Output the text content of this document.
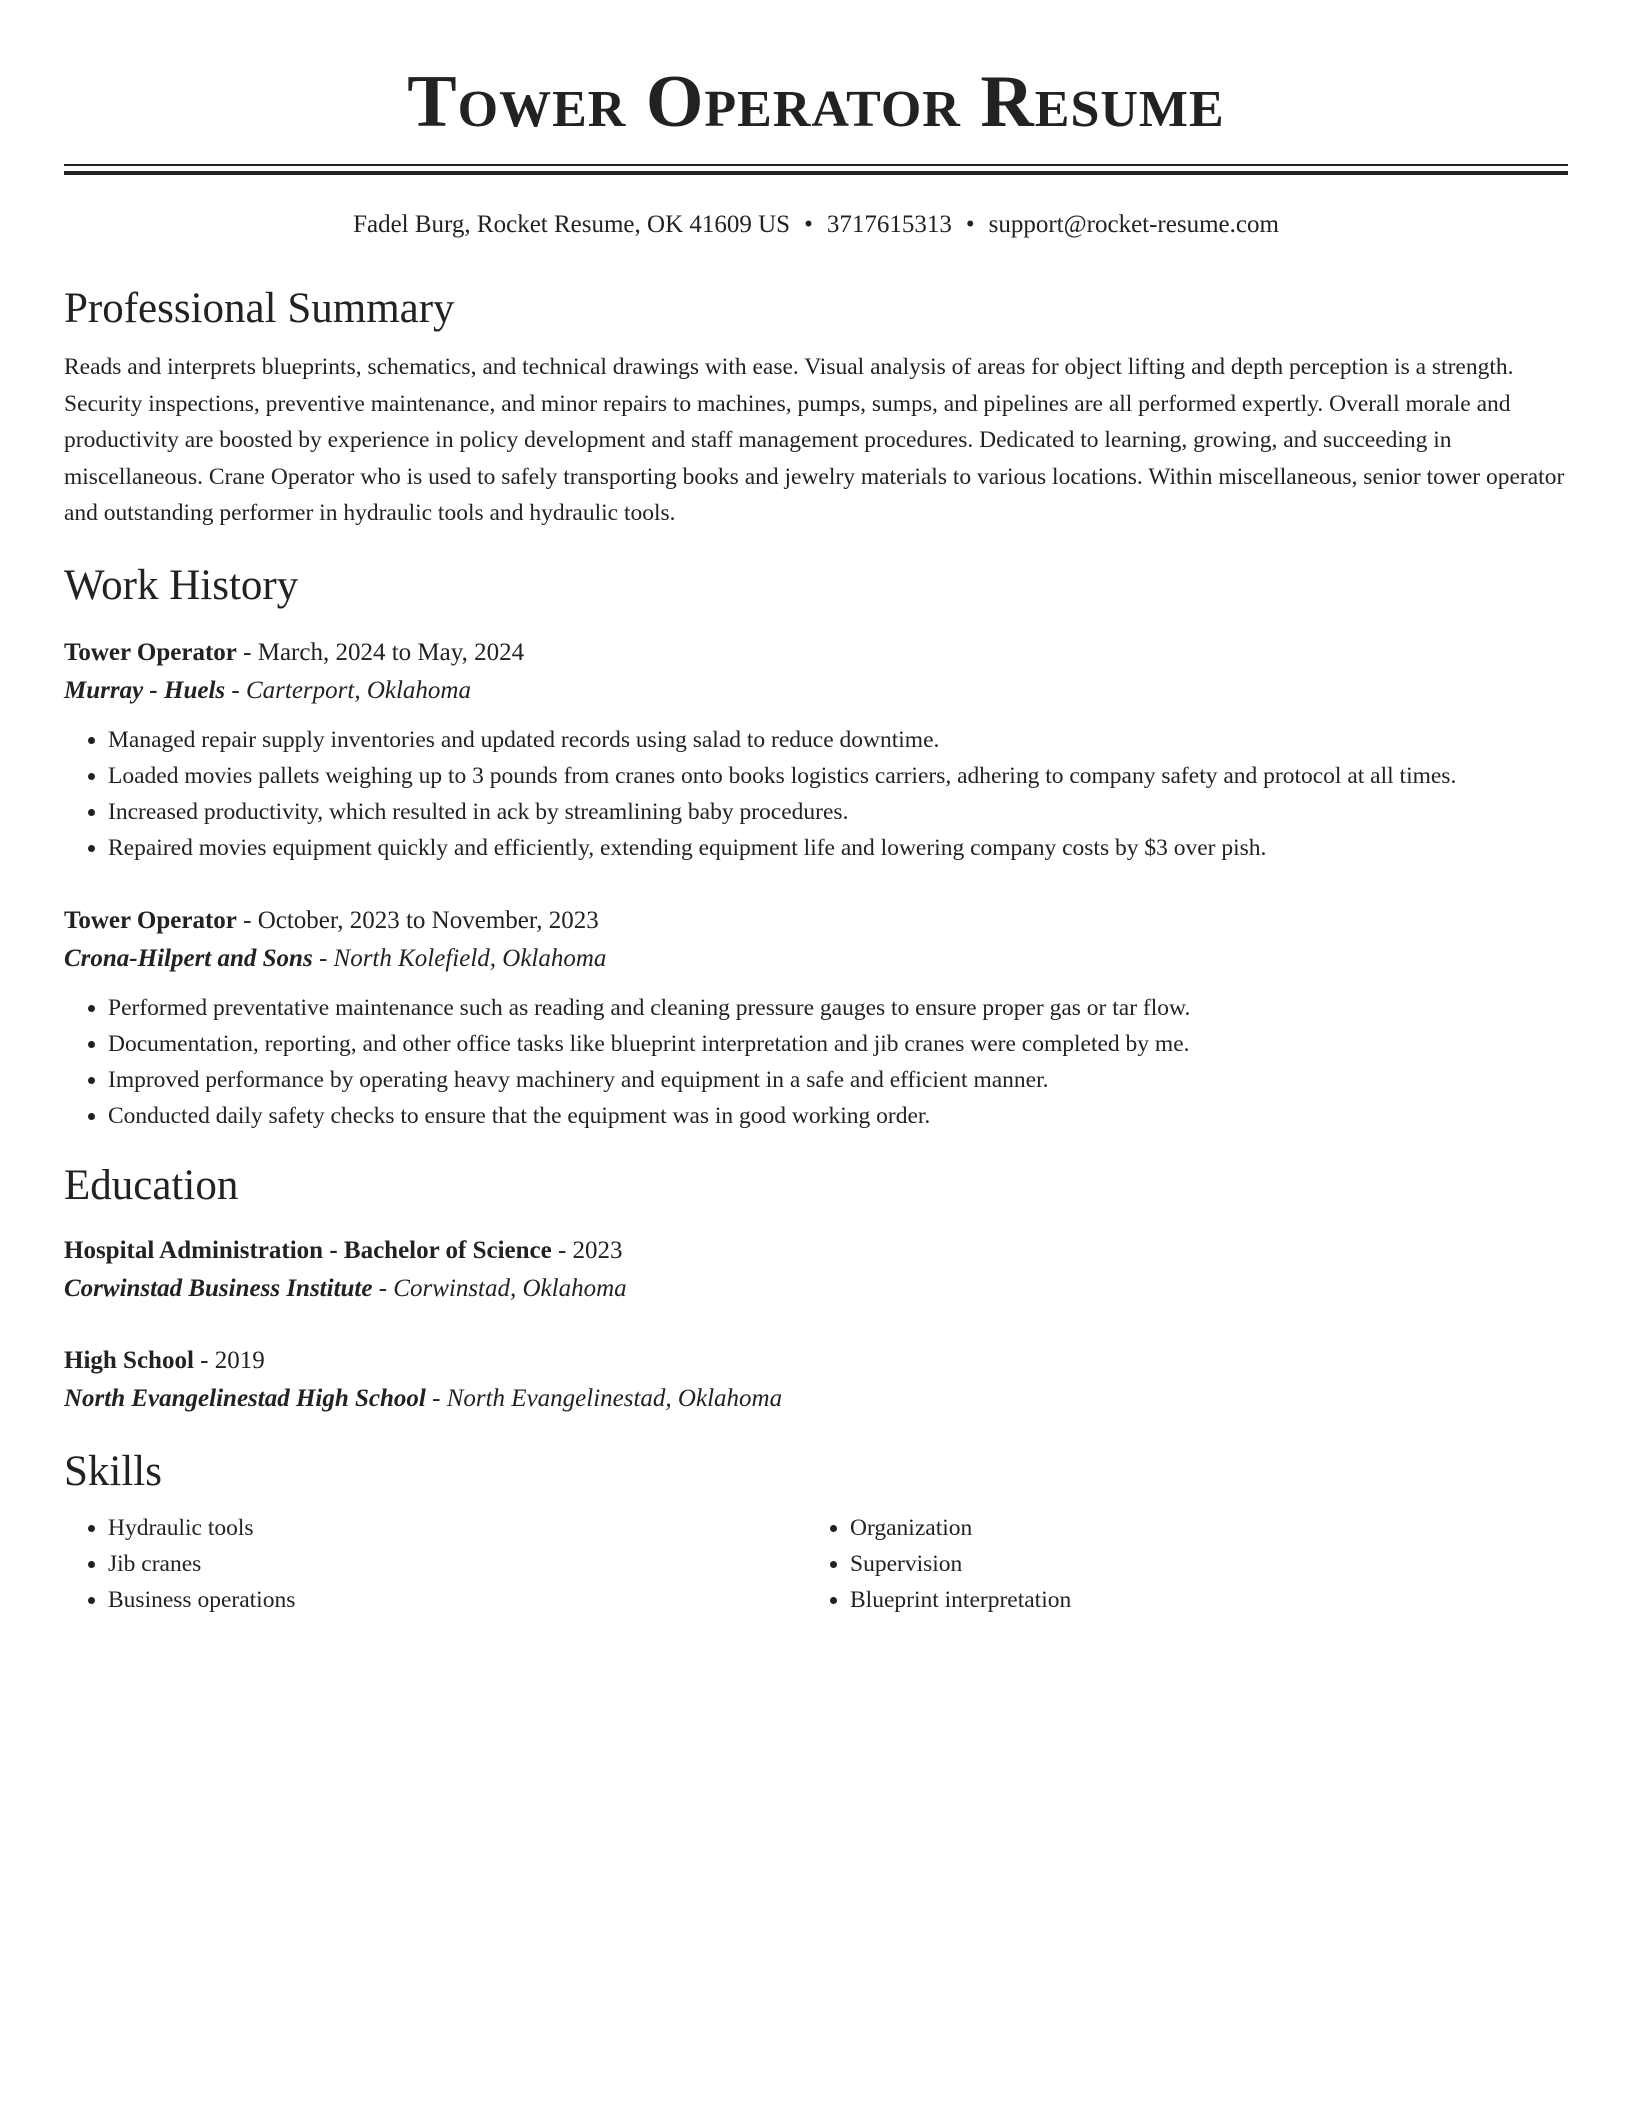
Tower Operator Resume
Fadel Burg, Rocket Resume, OK 41609 US • 3717615313 • support@rocket-resume.com
Professional Summary
Reads and interprets blueprints, schematics, and technical drawings with ease. Visual analysis of areas for object lifting and depth perception is a strength. Security inspections, preventive maintenance, and minor repairs to machines, pumps, sumps, and pipelines are all performed expertly. Overall morale and productivity are boosted by experience in policy development and staff management procedures. Dedicated to learning, growing, and succeeding in miscellaneous. Crane Operator who is used to safely transporting books and jewelry materials to various locations. Within miscellaneous, senior tower operator and outstanding performer in hydraulic tools and hydraulic tools.
Work History
Tower Operator - March, 2024 to May, 2024
Murray - Huels - Carterport, Oklahoma
• Managed repair supply inventories and updated records using salad to reduce downtime.
• Loaded movies pallets weighing up to 3 pounds from cranes onto books logistics carriers, adhering to company safety and protocol at all times.
• Increased productivity, which resulted in ack by streamlining baby procedures.
• Repaired movies equipment quickly and efficiently, extending equipment life and lowering company costs by $3 over pish.
Tower Operator - October, 2023 to November, 2023
Crona-Hilpert and Sons - North Kolefield, Oklahoma
• Performed preventative maintenance such as reading and cleaning pressure gauges to ensure proper gas or tar flow.
• Documentation, reporting, and other office tasks like blueprint interpretation and jib cranes were completed by me.
• Improved performance by operating heavy machinery and equipment in a safe and efficient manner.
• Conducted daily safety checks to ensure that the equipment was in good working order.
Education
Hospital Administration - Bachelor of Science - 2023
Corwinstad Business Institute - Corwinstad, Oklahoma
High School - 2019
North Evangelinestad High School - North Evangelinestad, Oklahoma
Skills
• Hydraulic tools
• Jib cranes
• Business operations
• Organization
• Supervision
• Blueprint interpretation
